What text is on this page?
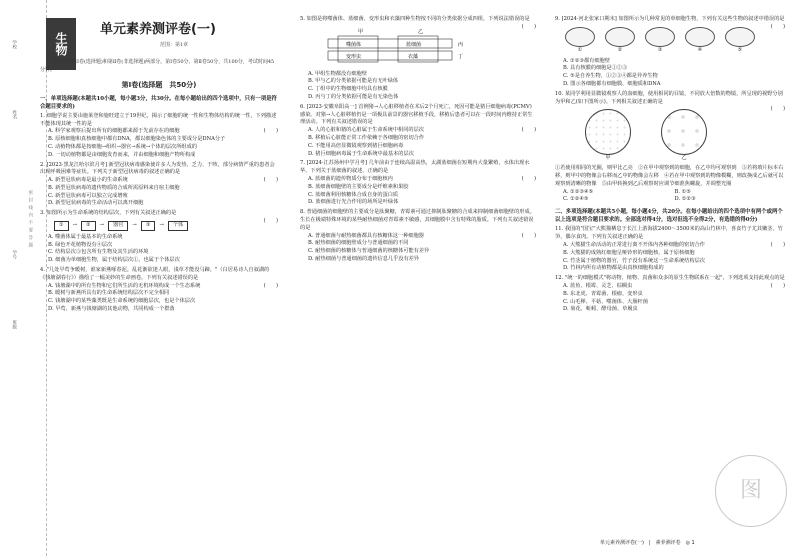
生物
学校
班级
姓名
学号
密封线内不要答题
单元素养测评卷(一)
范围：第1章
本试卷分第Ⅰ卷(选择题)和第Ⅱ卷(非选择题)两部分。第Ⅰ卷50分，第Ⅱ卷50分，共100分，考试时间45分钟。
第Ⅰ卷(选择题　共50分)
一、单项选择题(本题共10小题，每小题3分，共30分。在每小题给出的四个选项中，只有一项是符合题目要求的)
1. 细胞学说主要由施莱登和施旺建立于19世纪，揭示了细胞的统一性和生物体结构的统一性，下列描述不能体现其统一性的是
(　　)
A. 科学家观察后提出所有的细胞都来源于先前存在的细胞
B. 原核细胞和真核细胞中都有DNA，都以细胞染色体的主要成分是DNA分子
C. 动植物体都是按细胞→组织→器官→系统→个体的层次所组成的
D. 一切动植物都是由细胞发育而来，并由细胞和细胞产物所构成
2. [2023·黑龙江哈尔滨月考] 新型冠状病毒感染使许多人为发热、乏力、干咳、部分病情严重的患者会出现呼吸困难等症状。下列关于新型冠状病毒的叙述正确的是
(　　)
A. 新型冠状病毒是最小的生命系统
B. 新型冠状病毒的遗传物质的合成所需原料来自宿主细胞
C. 新型冠状病毒可以独立完成增殖
D. 新型冠状病毒的生命活动可以离开细胞
3. 如图所示为生命系统的结构层次，下列有关叙述正确的是
(　　)
①	→	②	→	器官	→	③	→	个体
A. 噬菌体属于最基本的生命系统
B. 绿色开花植物没有④层次
C. 结构层次③包含所有生物及其生活的环境
D. 细菌为单细胞生物，属于结构层次①，也属于个体层次
4. "几处早莺争暖树，谁家新燕啄春泥。乱花渐欲迷人眼，浅草才能没马蹄。"（白居易诗人自叙湖的《钱塘湖春行》）描绘了一幅美妙的生命画卷。下列有关叙述错误的是
(　　)
A. 钱塘湖中的所有生物和它们所生活的无机环境构成一个生态系统
B. 暖树与新燕所具有的生命系统结构层次不完全相同
C. 钱塘湖中的某些藻类既是生命系统的细胞层次，也是个体层次
D. 早莺、新燕与钱塘湖的其他动物，共同构成一个群落
5. 如图是将噬菌体、蓝细菌、变形虫和衣藻四种生物按不同的分类依据分成四组，下列说法错误的是
(　　)
甲	乙
噬菌体	蓝细菌	丙
变形虫	衣藻	丁
A. 甲组生物都没有细胞壁
B. 甲与乙的分类依据可能是有无叶绿体
C. 丁组中的生物细胞中均具有核膜
D. 丙与丁的分类依据可能是有无染色体
6. [2023·安徽阜阳高一] 首例猪→人心脏移植者在术后2个月死亡，死因可能是猪巨细胞病毒(PCMV)感染。对猪→人心脏移植仍是一项极具前景的器官移植手段，移植后患者可以在一段时间内维持正常生理活动。下列有关叙述错误的是
(　　)
A. 人的心脏和猪的心脏属于生命系统中相同的层次
B. 移植后心脏能正常工作依赖于各细胞的密切合作
C. 不能用高倍显微镜观察到猪巨细胞病毒
D. 猪巨细胞病毒属于生命系统中最基本的层次
7. [2024·江苏扬州中学月考] 几年前由于连续高温高热，太湖蓝细菌在短期内大量繁殖，水体出现水华。下列关于蓝细菌的叙述，正确的是
(　　)
A. 蓝细菌的遗传物质分布于细胞核内
B. 蓝细菌细胞壁的主要成分是纤维素和果胶
C. 蓝细菌利用核糖体合成自身的蛋白质
D. 蓝细菌进行光合作用的场所是叶绿体
8. 普通细菌的细胞壁的主要成分是肽聚糖，青霉素可通过抑制肽聚糖的合成来抑制细菌细胞壁的形成。生长在极端特殊环境的某些耐热细菌对青霉素不敏感，其细胞膜中含有特殊的脂质。下列有关叙述错误的是
(　　)
A. 普通细菌与耐热细菌都具有核糖体这一种细胞器
B. 耐热细菌的细胞壁成分与普通细菌的不同
C. 耐热细菌的核糖体与普通细菌的核糖体可能有差异
D. 耐热细菌与普通细菌的遗传信息几乎没有差异
9. [2024·河北张家口期末] 如图所示为几种常见的单细胞生物，下列有关这些生物的叙述中错误的是
(　　)
①	②	③	④	⑤
A. ①②③都有细胞壁
B. 具有核膜的细胞是①②③
C. ⑤是自养生物，①②③④都是异养生物
D. 图示各细胞都有细胞膜、细胞质和DNA
10. 某同学利用显微镜观察人的血细胞，使用相同的目镜，不同放大倍数的物镜，所呈现的视野分别为甲和乙(如下图所示)。下列相关叙述正确的是
(　　)
甲	乙
①若使用相同的光圈，则甲比乙亮　②在甲中观察到的细胞，在乙中均可观察到　③若将玻片标本右移，则甲中的物像会右移而乙中的物像会左移　④若在甲中观察到的物像模糊，则改换成乙后就可以观察到清晰的物像　⑤由甲转换到乙后观察时应调节细准焦螺旋，并调整光圈
A. ①②③④⑤	B. ①⑤
C. ①②④⑤	D. ①②③
二、多项选择题(本题共5小题，每小题4分，共20分。在每小题给出的四个选项中有两个或两个以上选项是符合题目要求的。全部选对得4分，选对但选不全得2分，有选错的得0分)
11. 我国的"国宝"大熊猫栖息于长江上游海拔2400～3500米的高山竹林中，喜食竹子尤其嫩茎、竹笋，偶尔食肉。下列有关叙述正确的是
(　　)
A. 大熊猫生命活动的正常进行离不开体内各种细胞的密切合作
B. 大熊猫的成熟红细胞呈哑铃形的细胞核，属于原核细胞
C. 竹茎属于植物的器官，竹子没有系统这一生命系统结构层次
D. 竹林内所有动植物都是由真核细胞构成的
12. "统一的细胞模式"将动物、植物、真菌和众多的原生生物联系在一起"，下列选项支持此观点的是
(　　)
A. 蓝鱼、根霉、灵芝、棕榈虫
B. 东北虎、青霉菌、根瘤、变形虫
C. 山毛榉、平菇、噬菌体、大肠杆菌
D. 菊花、蚯蚓、酵母菌、草履虫
图
单元素养测评卷(一)　|　素养测评卷　◎ 1
